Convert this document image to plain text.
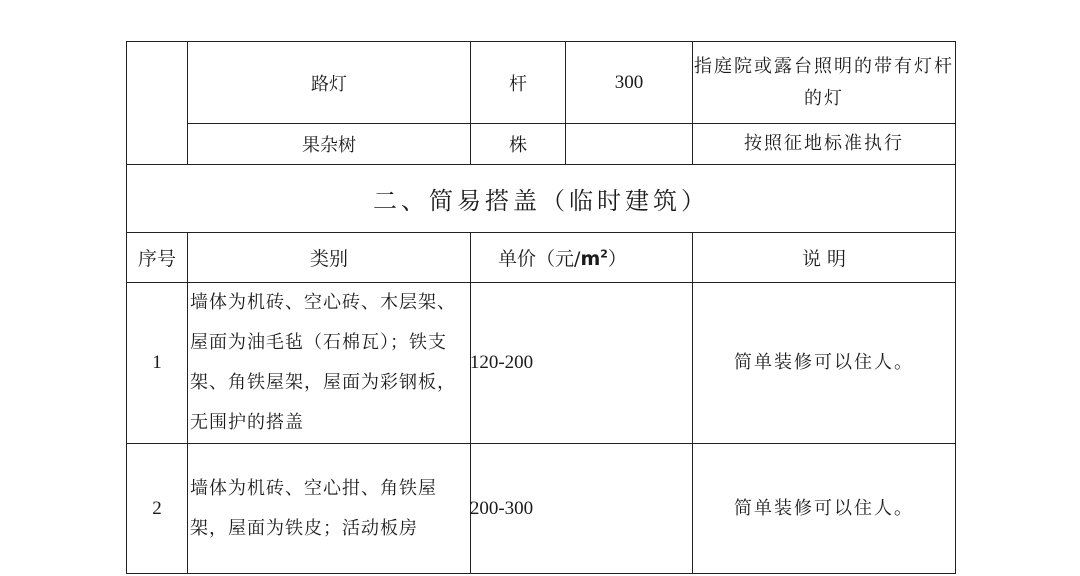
	路灯	杆	300	指庭院或露台照明的带有灯杆的灯
	果杂树	株		按照征地标准执行
二、简易搭盖（临时建筑）				
序号	类别	单价（元$/m^2$）		说 明
1	墙体为机砖、空心砖、木层架、屋面为油毛毡（石棉瓦）；铁支架、角铁屋架，屋面为彩钢板，无围护的搭盖	120-200		简单装修可以住人。
2	墙体为机砖、空心拑、角铁屋架，屋面为铁皮；活动板房	200-300		简单装修可以住人。
